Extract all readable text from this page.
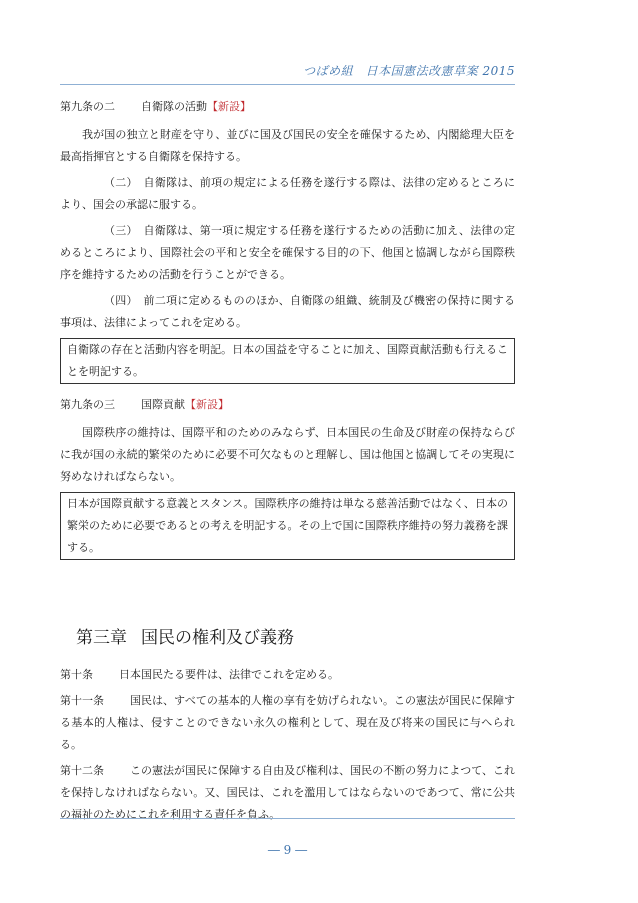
つばめ組　日本国憲法改憲草案 2015
第九条の二 自衛隊の活動【新設】

我が国の独立と財産を守り、並びに国及び国民の安全を確保するため、内閣総理大臣を最高指揮官とする自衛隊を保持する。

（二）　自衛隊は、前項の規定による任務を遂行する際は、法律の定めるところにより、国会の承認に服する。

（三）　自衛隊は、第一項に規定する任務を遂行するための活動に加え、法律の定めるところにより、国際社会の平和と安全を確保する目的の下、他国と協調しながら国際秩序を維持するための活動を行うことができる。

（四）　前二項に定めるもののほか、自衛隊の組織、統制及び機密の保持に関する事項は、法律によってこれを定める。

自衛隊の存在と活動内容を明記。日本の国益を守ることに加え、国際貢献活動も行えることを明記する。
第九条の三 国際貢献【新設】

国際秩序の維持は、国際平和のためのみならず、日本国民の生命及び財産の保持ならびに我が国の永続的繁栄のために必要不可欠なものと理解し、国は他国と協調してその実現に努めなければならない。

日本が国際貢献する意義とスタンス。国際秩序の維持は単なる慈善活動ではなく、日本の繁栄のために必要であるとの考えを明記する。その上で国に国際秩序維持の努力義務を課する。
第三章 国民の権利及び義務

第十条 日本国民たる要件は、法律でこれを定める。

第十一条 国民は、すべての基本的人権の享有を妨げられない。この憲法が国民に保障する基本的人権は、侵すことのできない永久の権利として、現在及び将来の国民に与へられる。

第十二条 この憲法が国民に保障する自由及び権利は、国民の不断の努力によつて、これを保持しなければならない。又、国民は、これを濫用してはならないのであつて、常に公共の福祉のためにこれを利用する責任を負ふ。

― 9 ―
